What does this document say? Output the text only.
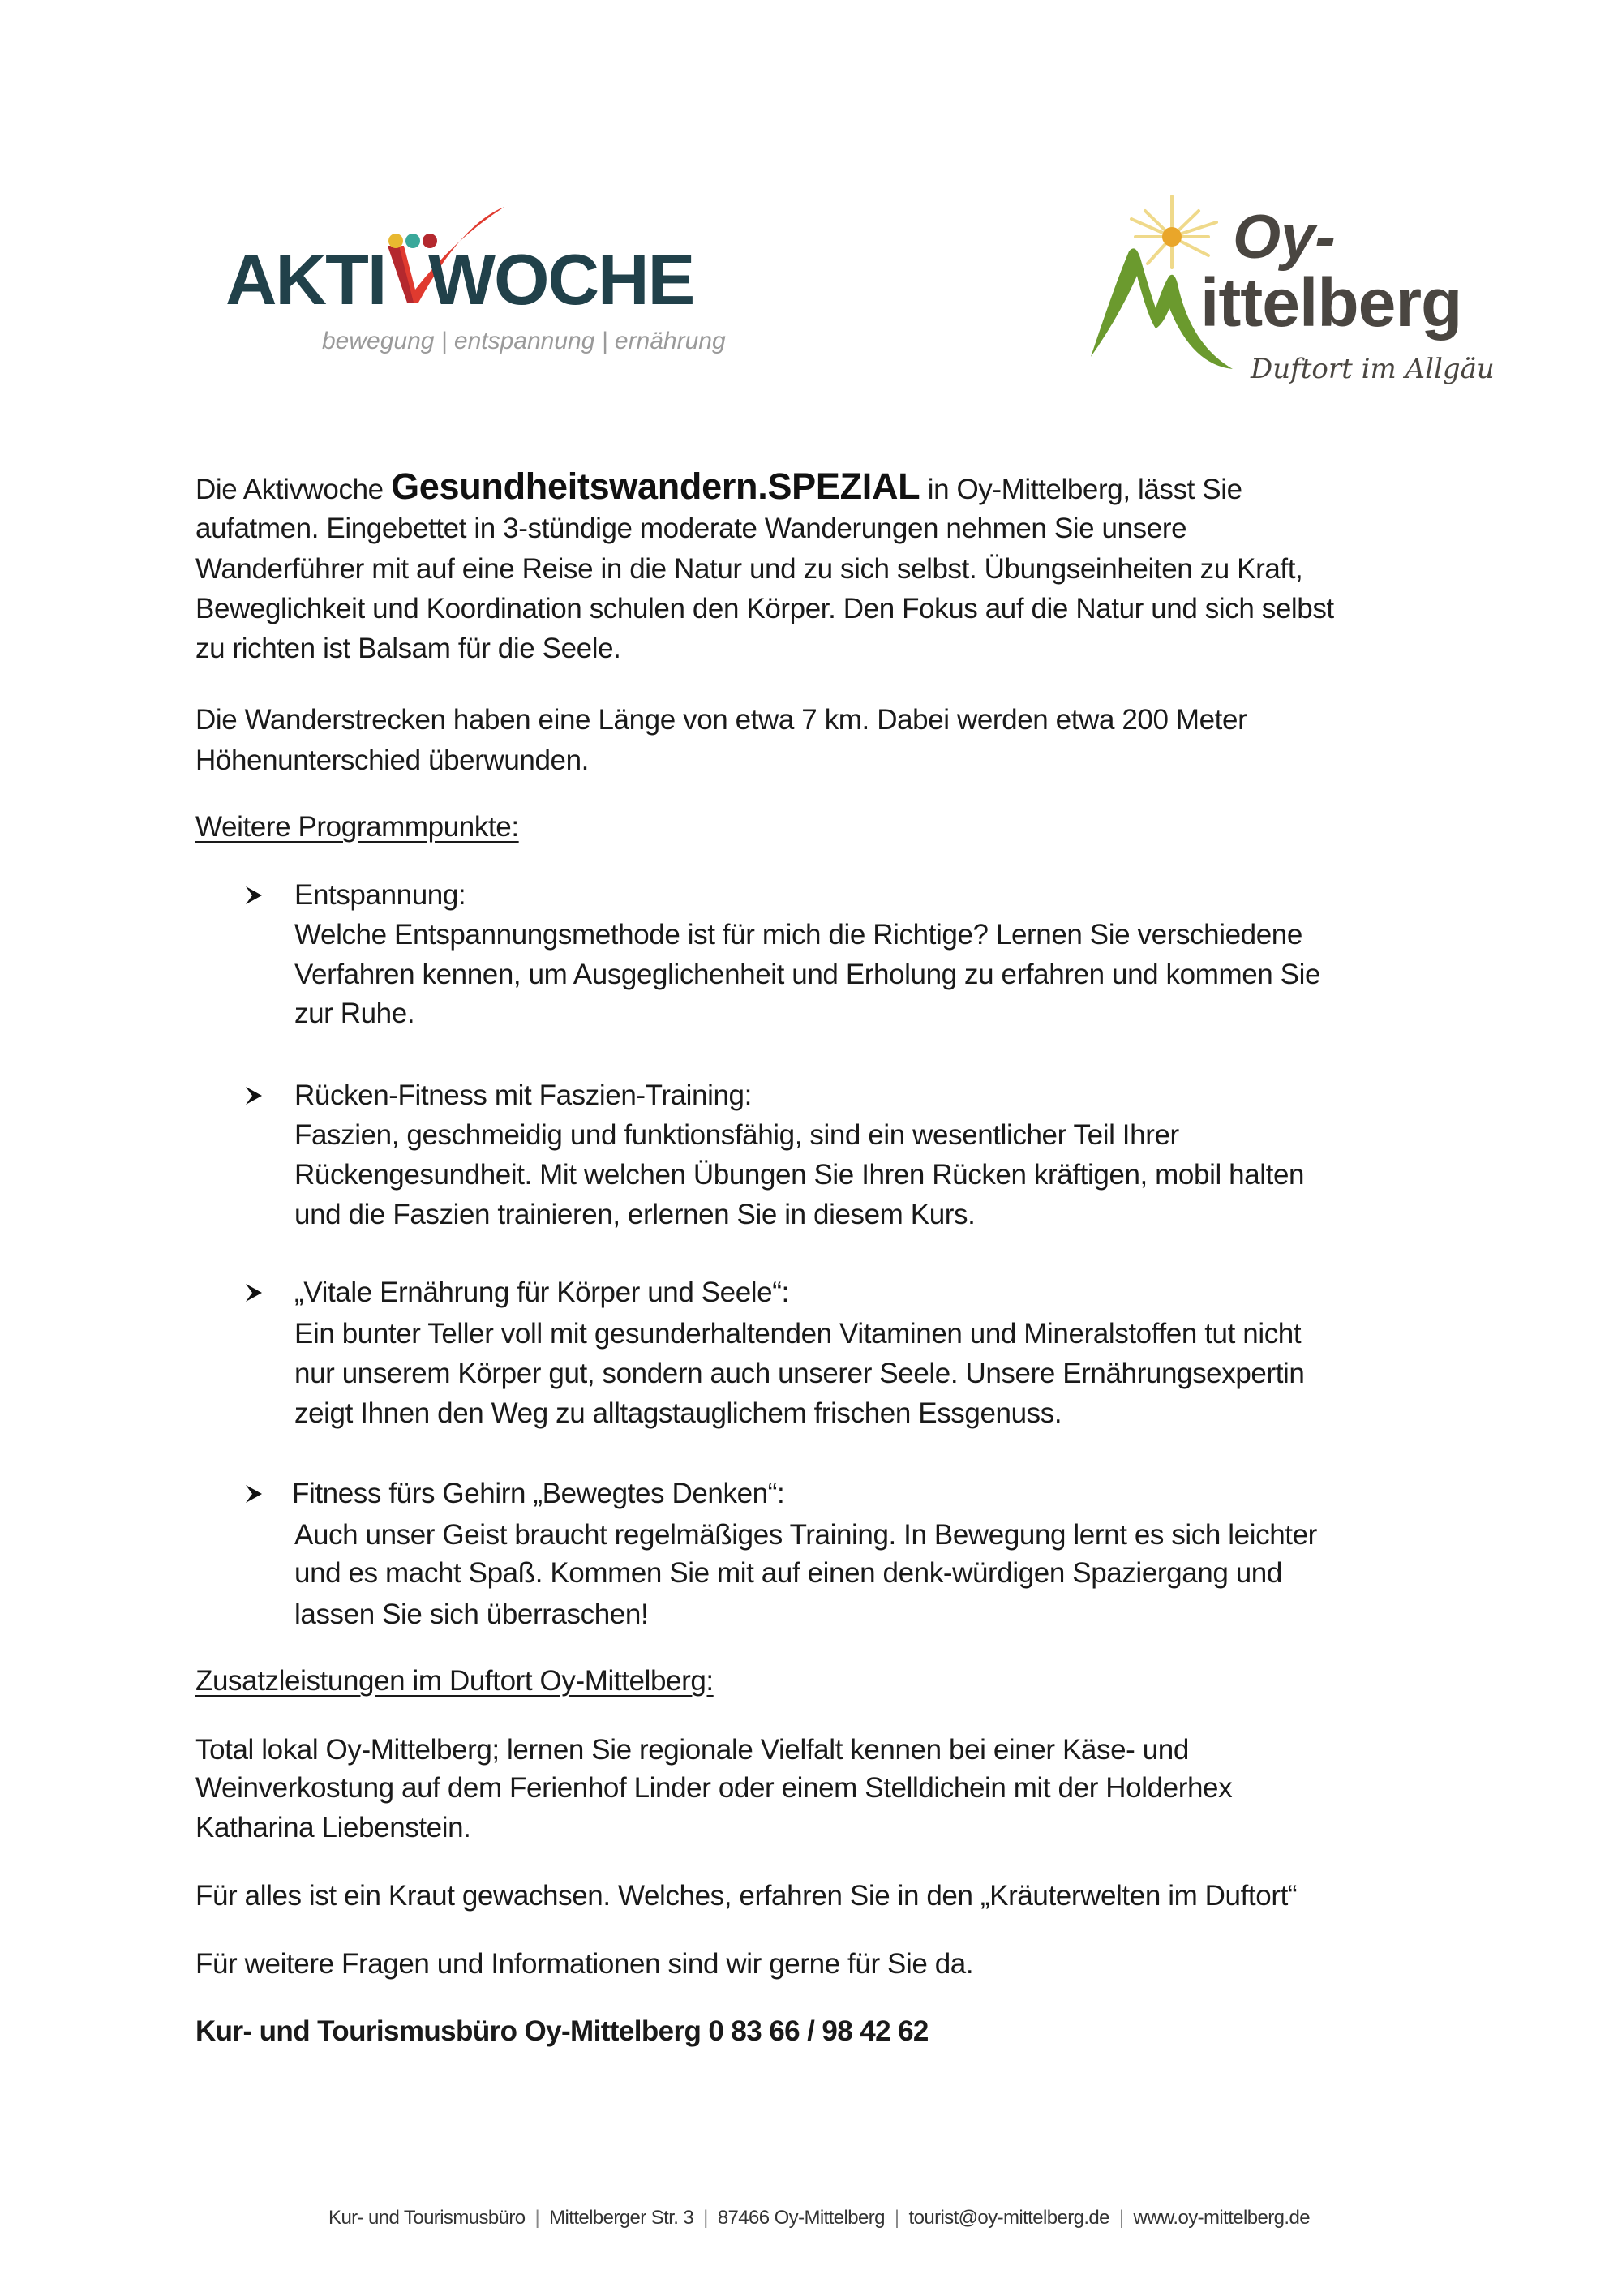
AKTI WOCHE
bewegung | entspannung | ernährung
Oy-
ittelberg
Duftort im Allgäu
Die Aktivwoche Gesundheitswandern.SPEZIAL in Oy-Mittelberg, lässt Sie
aufatmen. Eingebettet in 3-stündige moderate Wanderungen nehmen Sie unsere
Wanderführer mit auf eine Reise in die Natur und zu sich selbst. Übungseinheiten zu Kraft,
Beweglichkeit und Koordination schulen den Körper. Den Fokus auf die Natur und sich selbst
zu richten ist Balsam für die Seele.
Die Wanderstrecken haben eine Länge von etwa 7 km. Dabei werden etwa 200 Meter
Höhenunterschied überwunden.
Weitere Programmpunkte:
Entspannung:
Welche Entspannungsmethode ist für mich die Richtige? Lernen Sie verschiedene
Verfahren kennen, um Ausgeglichenheit und Erholung zu erfahren und kommen Sie
zur Ruhe.
Rücken-Fitness mit Faszien-Training:
Faszien, geschmeidig und funktionsfähig, sind ein wesentlicher Teil Ihrer
Rückengesundheit. Mit welchen Übungen Sie Ihren Rücken kräftigen, mobil halten
und die Faszien trainieren, erlernen Sie in diesem Kurs.
„Vitale Ernährung für Körper und Seele“:
Ein bunter Teller voll mit gesunderhaltenden Vitaminen und Mineralstoffen tut nicht
nur unserem Körper gut, sondern auch unserer Seele. Unsere Ernährungsexpertin
zeigt Ihnen den Weg zu alltagstauglichem frischen Essgenuss.
Fitness fürs Gehirn „Bewegtes Denken“:
Auch unser Geist braucht regelmäßiges Training. In Bewegung lernt es sich leichter
und es macht Spaß. Kommen Sie mit auf einen denk-würdigen Spaziergang und
lassen Sie sich überraschen!
Zusatzleistungen im Duftort Oy-Mittelberg:
Total lokal Oy-Mittelberg; lernen Sie regionale Vielfalt kennen bei einer Käse- und
Weinverkostung auf dem Ferienhof Linder oder einem Stelldichein mit der Holderhex
Katharina Liebenstein.
Für alles ist ein Kraut gewachsen. Welches, erfahren Sie in den „Kräuterwelten im Duftort“
Für weitere Fragen und Informationen sind wir gerne für Sie da.
Kur- und Tourismusbüro Oy-Mittelberg 0 83 66 / 98 42 62
Kur- und Tourismusbüro | Mittelberger Str. 3 | 87466 Oy-Mittelberg | tourist@oy-mittelberg.de | www.oy-mittelberg.de
